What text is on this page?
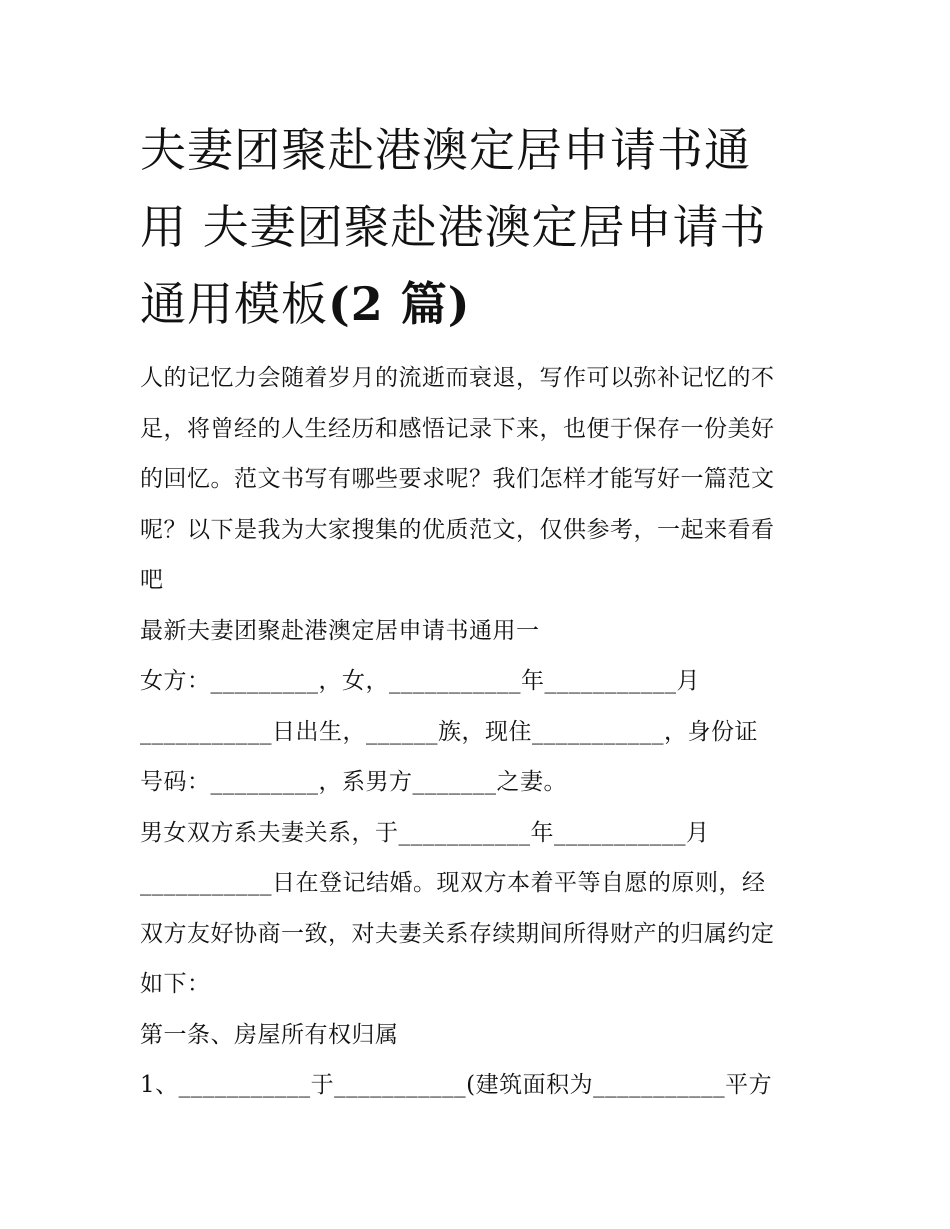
夫妻团聚赴港澳定居申请书通
用 夫妻团聚赴港澳定居申请书
通用模板(2 篇)

人的记忆力会随着岁月的流逝而衰退，写作可以弥补记忆的不
足，将曾经的人生经历和感悟记录下来，也便于保存一份美好
的回忆。范文书写有哪些要求呢？我们怎样才能写好一篇范文
呢？以下是我为大家搜集的优质范文，仅供参考，一起来看看
吧

最新夫妻团聚赴港澳定居申请书通用一

女方：_________，女，___________年___________月
___________日出生，______族，现住___________，身份证
号码：_________，系男方_______之妻。

男女双方系夫妻关系，于___________年___________月
___________日在登记结婚。现双方本着平等自愿的原则，经
双方友好协商一致，对夫妻关系存续期间所得财产的归属约定
如下：

第一条、房屋所有权归属

1、___________于___________(建筑面积为___________平方
